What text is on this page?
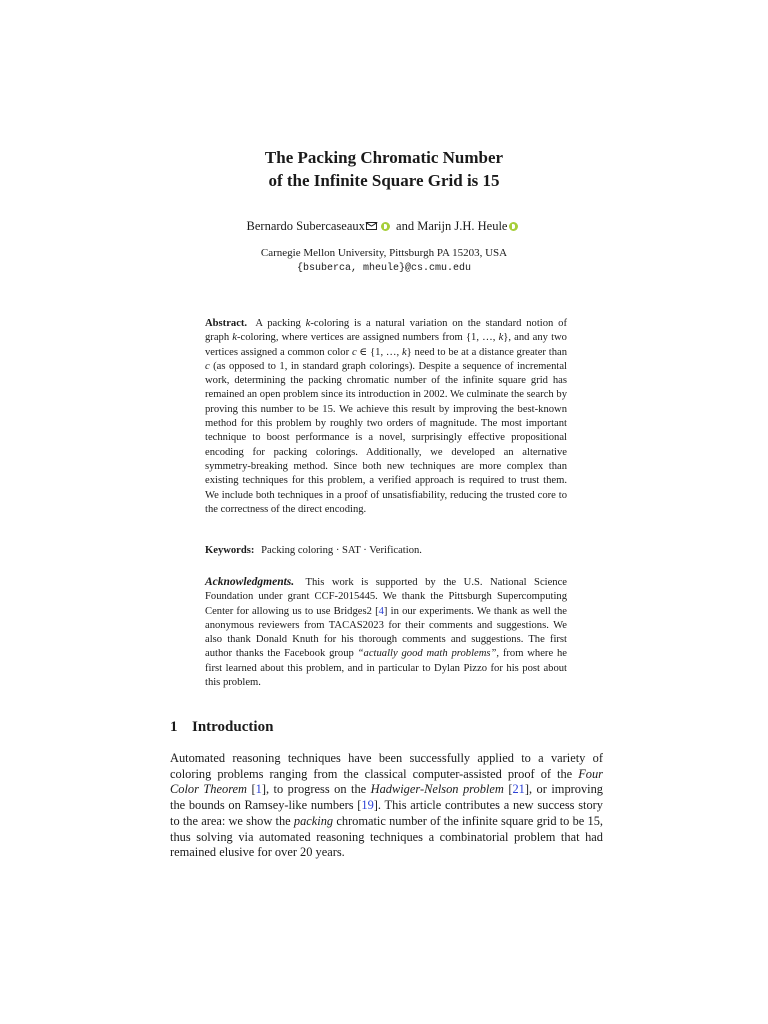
The Packing Chromatic Number
of the Infinite Square Grid is 15
Bernardo Subercaseaux and Marijn J.H. Heule
Carnegie Mellon University, Pittsburgh PA 15203, USA
{bsuberca, mheule}@cs.cmu.edu
Abstract. A packing k-coloring is a natural variation on the standard notion of graph k-coloring, where vertices are assigned numbers from {1, …, k}, and any two vertices assigned a common color c ∈ {1, …, k} need to be at a distance greater than c (as opposed to 1, in standard graph colorings). Despite a sequence of incremental work, determining the packing chromatic number of the infinite square grid has remained an open problem since its introduction in 2002. We culminate the search by proving this number to be 15. We achieve this result by improving the best-known method for this problem by roughly two orders of magnitude. The most important technique to boost performance is a novel, surprisingly effective propositional encoding for packing colorings. Additionally, we developed an alternative symmetry-breaking method. Since both new techniques are more complex than existing techniques for this problem, a verified approach is required to trust them. We include both techniques in a proof of unsatisfiability, reducing the trusted core to the correctness of the direct encoding.
Keywords: Packing coloring · SAT · Verification.
Acknowledgments. This work is supported by the U.S. National Science Foundation under grant CCF-2015445. We thank the Pittsburgh Supercomputing Center for allowing us to use Bridges2 [4] in our experiments. We thank as well the anonymous reviewers from TACAS2023 for their comments and suggestions. We also thank Donald Knuth for his thorough comments and suggestions. The first author thanks the Facebook group “actually good math problems”, from where he first learned about this problem, and in particular to Dylan Pizzo for his post about this problem.
1 Introduction
Automated reasoning techniques have been successfully applied to a variety of coloring problems ranging from the classical computer-assisted proof of the Four Color Theorem [1], to progress on the Hadwiger-Nelson problem [21], or improving the bounds on Ramsey-like numbers [19]. This article contributes a new success story to the area: we show the packing chromatic number of the infinite square grid to be 15, thus solving via automated reasoning techniques a combinatorial problem that had remained elusive for over 20 years.
